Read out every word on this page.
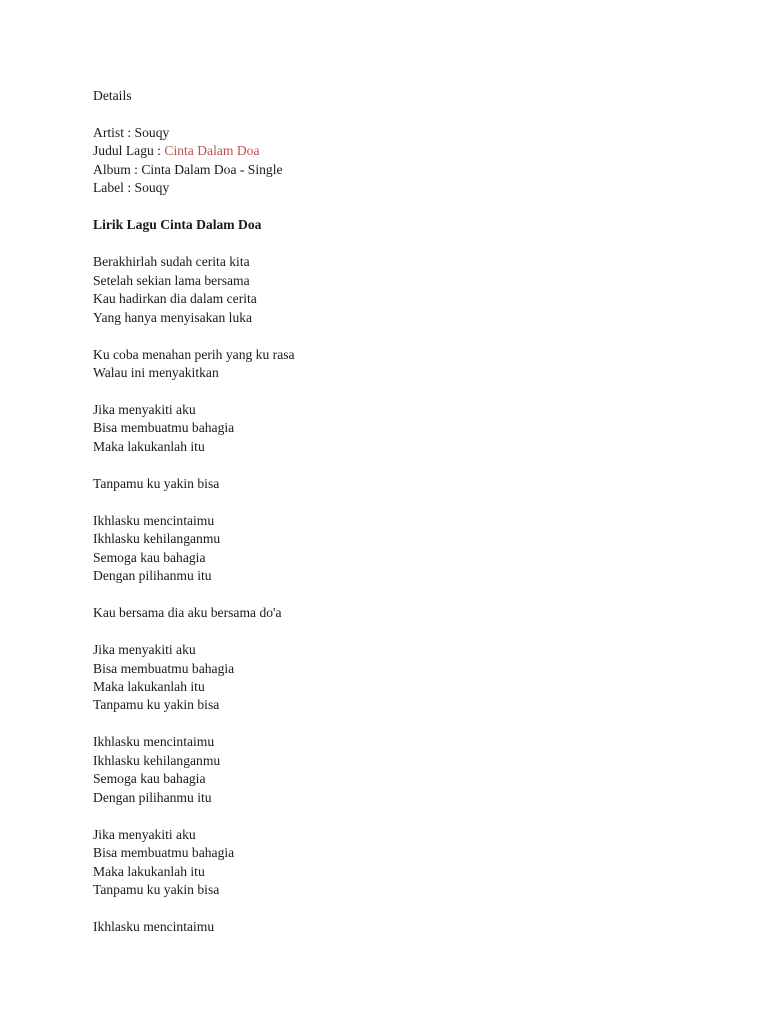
Details
Artist : Souqy
Judul Lagu : Cinta Dalam Doa
Album : Cinta Dalam Doa - Single
Label : Souqy
Lirik Lagu Cinta Dalam Doa
Berakhirlah sudah cerita kita
Setelah sekian lama bersama
Kau hadirkan dia dalam cerita
Yang hanya menyisakan luka
Ku coba menahan perih yang ku rasa
Walau ini menyakitkan
Jika menyakiti aku
Bisa membuatmu bahagia
Maka lakukanlah itu
Tanpamu ku yakin bisa
Ikhlasku mencintaimu
Ikhlasku kehilanganmu
Semoga kau bahagia
Dengan pilihanmu itu
Kau bersama dia aku bersama do'a
Jika menyakiti aku
Bisa membuatmu bahagia
Maka lakukanlah itu
Tanpamu ku yakin bisa
Ikhlasku mencintaimu
Ikhlasku kehilanganmu
Semoga kau bahagia
Dengan pilihanmu itu
Jika menyakiti aku
Bisa membuatmu bahagia
Maka lakukanlah itu
Tanpamu ku yakin bisa
Ikhlasku mencintaimu
